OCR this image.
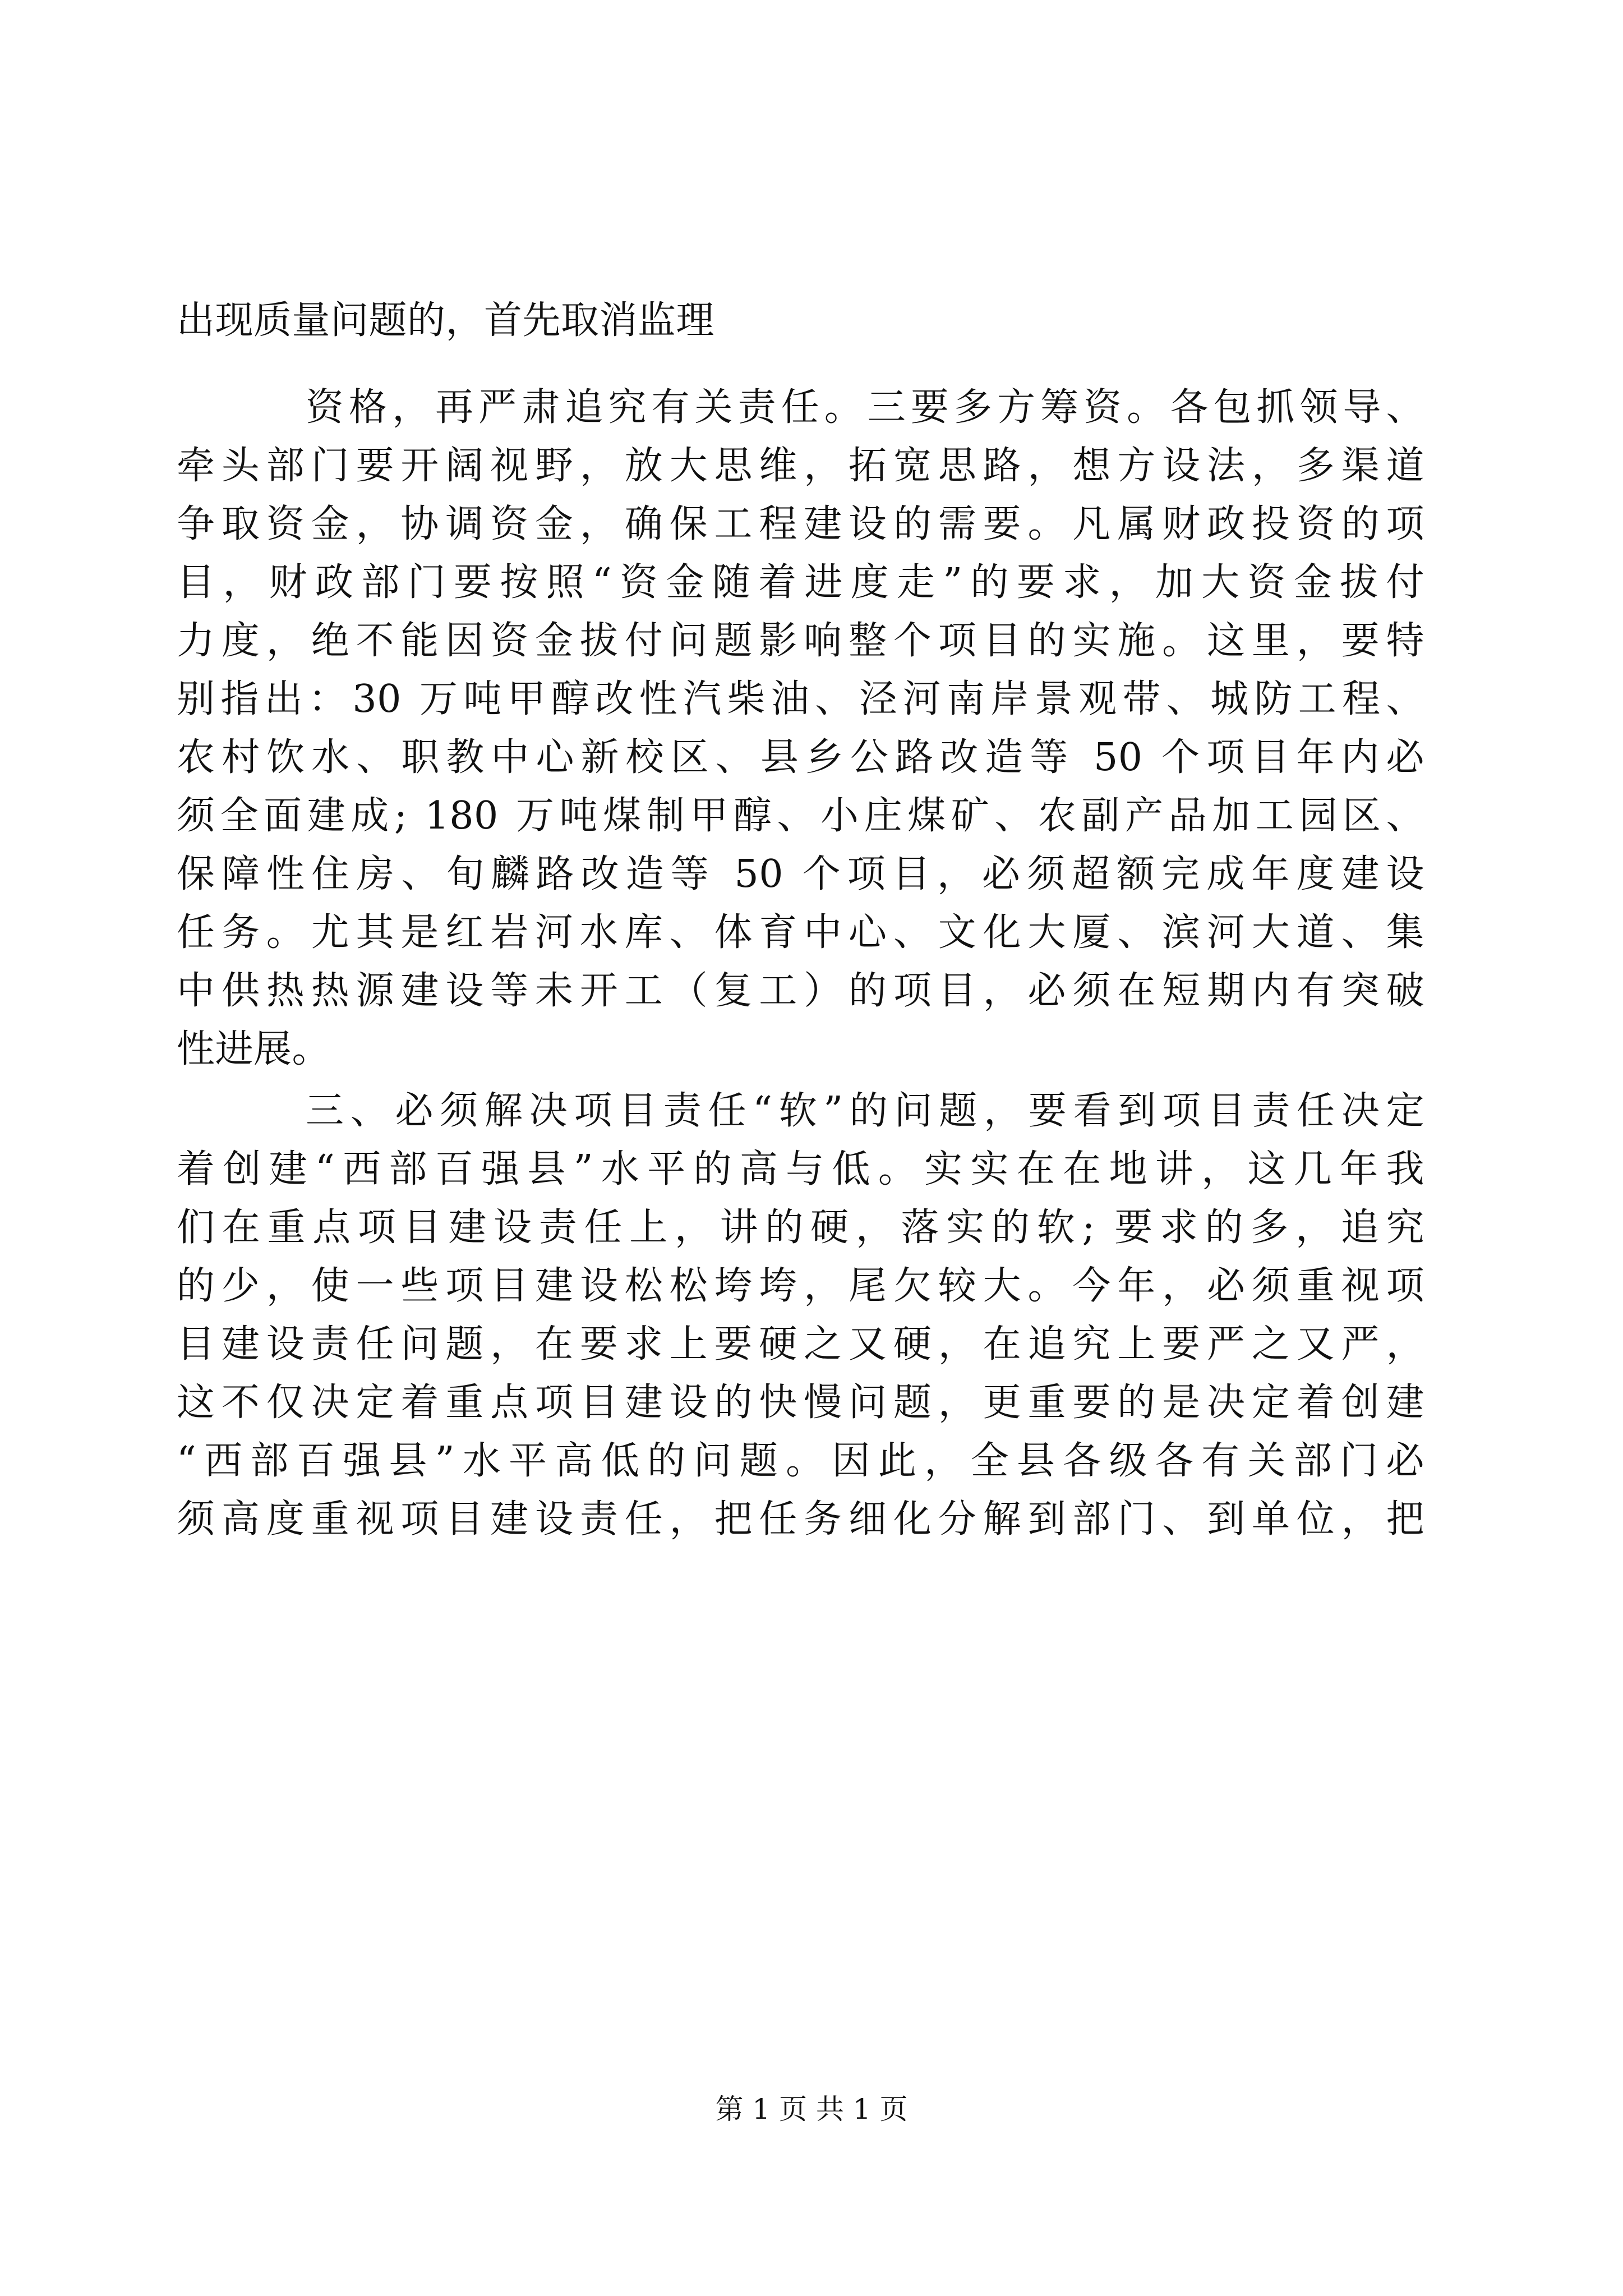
出现质量问题的，首先取消监理
资格，再严肃追究有关责任。三要多方筹资。各包抓领导、
牵头部门要开阔视野，放大思维，拓宽思路，想方设法，多渠道
争取资金，协调资金，确保工程建设的需要。凡属财政投资的项
目，财政部门要按照“资金随着进度走”的要求，加大资金拔付
力度，绝不能因资金拔付问题影响整个项目的实施。这里，要特
别指出：30 万吨甲醇改性汽柴油、泾河南岸景观带、城防工程、
农村饮水、职教中心新校区、县乡公路改造等 50 个项目年内必
须全面建成; 180 万吨煤制甲醇、小庄煤矿、农副产品加工园区、
保障性住房、旬麟路改造等 50 个项目，必须超额完成年度建设
任务。尤其是红岩河水库、体育中心、文化大厦、滨河大道、集
中供热热源建设等未开工（复工）的项目，必须在短期内有突破
性进展。
三、必须解决项目责任“软”的问题，要看到项目责任决定
着创建“西部百强县”水平的高与低。实实在在地讲，这几年我
们在重点项目建设责任上，讲的硬，落实的软; 要求的多，追究
的少，使一些项目建设松松垮垮，尾欠较大。今年，必须重视项
目建设责任问题，在要求上要硬之又硬，在追究上要严之又严，
这不仅决定着重点项目建设的快慢问题，更重要的是决定着创建
“西部百强县”水平高低的问题。因此，全县各级各有关部门必
须高度重视项目建设责任，把任务细化分解到部门、到单位，把
第 1 页 共 1 页
